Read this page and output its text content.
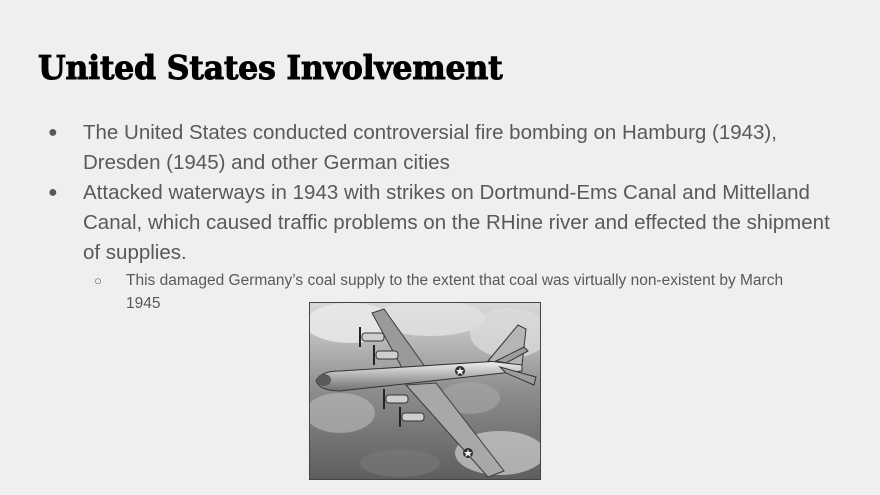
United States Involvement

● The United States conducted controversial fire bombing on Hamburg (1943), Dresden (1945) and other German cities

● Attacked waterways in 1943 with strikes on Dortmund-Ems Canal and Mittelland Canal, which caused traffic problems on the RHine river and effected the shipment of supplies.

○ This damaged Germany’s coal supply to the extent that coal was virtually non-existent by March 1945
